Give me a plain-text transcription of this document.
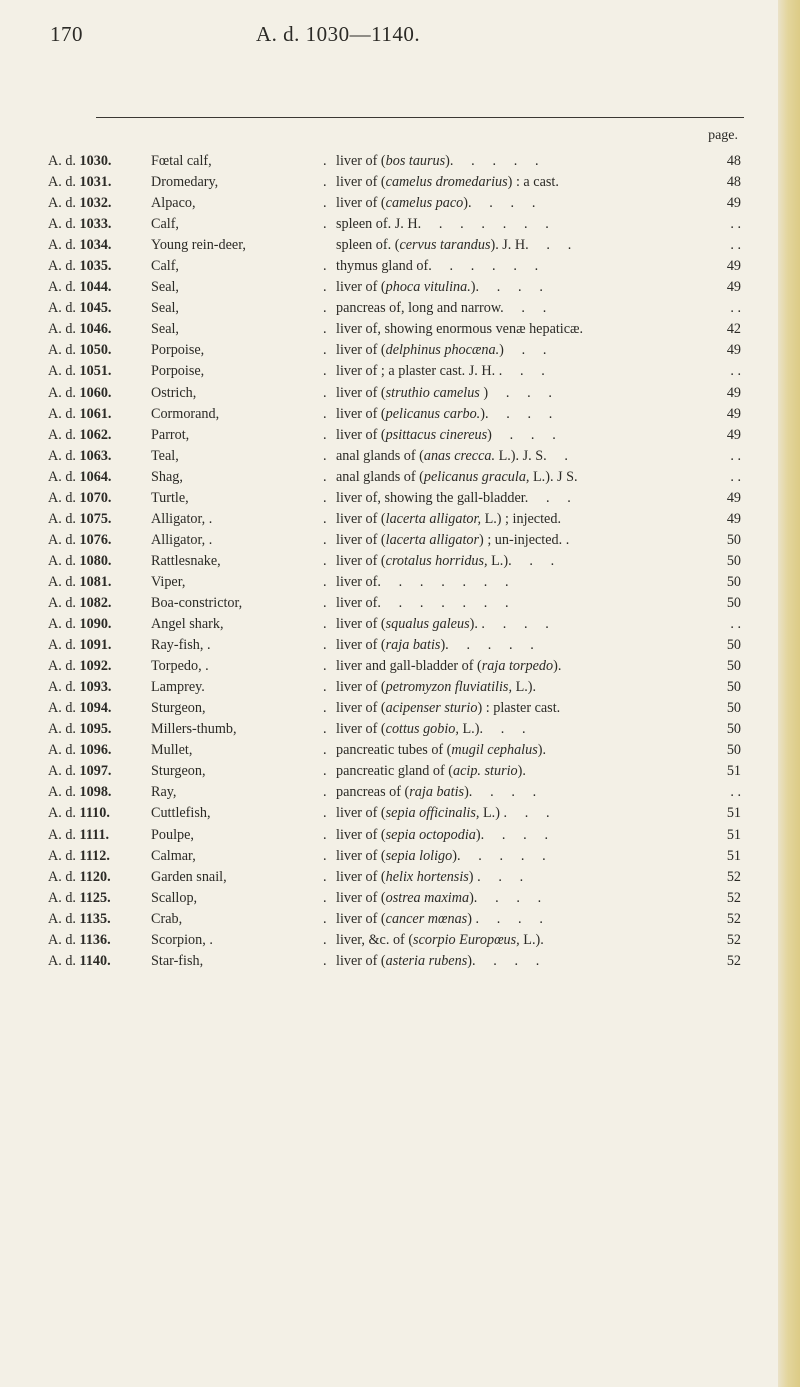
170	A. d. 1030—1140.
page.
A. d. 1030.	Fœtal calf,	. liver of (bos taurus).     .     .     .     .	48
A. d. 1031.	Dromedary,	. liver of (camelus dromedarius) : a cast.	48
A. d. 1032.	Alpaco,	. liver of (camelus paco).     .     .     .	49
A. d. 1033.	Calf,	. spleen of. J. H.     .     .     .     .     .     .	. .
A. d. 1034.	Young rein-deer,	spleen of. (cervus tarandus). J. H.     .     .	. .
A. d. 1035.	Calf,	. thymus gland of.     .     .     .     .     .	49
A. d. 1044.	Seal,	. liver of (phoca vitulina.).     .     .     .	49
A. d. 1045.	Seal,	. pancreas of, long and narrow.     .     .	. .
A. d. 1046.	Seal,	. liver of, showing enormous venæ hepaticæ.	42
A. d. 1050.	Porpoise,	. liver of (delphinus phocæna.)     .     .	49
A. d. 1051.	Porpoise,	. liver of ; a plaster cast. J. H. .     .     .	. .
A. d. 1060.	Ostrich,	. liver of (struthio camelus )     .     .     .	49
A. d. 1061.	Cormorand,	. liver of (pelicanus carbo.).     .     .     .	49
A. d. 1062.	Parrot,	. liver of (psittacus cinereus)     .     .     .	49
A. d. 1063.	Teal,	. anal glands of (anas crecca. L.). J. S.     .	. .
A. d. 1064.	Shag,	. anal glands of (pelicanus gracula, L.). J S.	. .
A. d. 1070.	Turtle,	. liver of, showing the gall-bladder.     .     .	49
A. d. 1075.	Alligator, .	. liver of (lacerta alligator, L.) ; injected.	49
A. d. 1076.	Alligator, .	. liver of (lacerta alligator) ; un-injected. .	50
A. d. 1080.	Rattlesnake,	. liver of (crotalus horridus, L.).     .     .	50
A. d. 1081.	Viper,	. liver of.     .     .     .     .     .     .	50
A. d. 1082.	Boa-constrictor,	. liver of.     .     .     .     .     .     .	50
A. d. 1090.	Angel shark,	. liver of (squalus galeus). .     .     .     .	. .
A. d. 1091.	Ray-fish, .	. liver of (raja batis).     .     .     .     .	50
A. d. 1092.	Torpedo, .	. liver and gall-bladder of (raja torpedo).	50
A. d. 1093.	Lamprey.	. liver of (petromyzon fluviatilis, L.).	50
A. d. 1094.	Sturgeon,	. liver of (acipenser sturio) : plaster cast.	50
A. d. 1095.	Millers-thumb,	. liver of (cottus gobio, L.).     .     .	50
A. d. 1096.	Mullet,	. pancreatic tubes of (mugil cephalus).	50
A. d. 1097.	Sturgeon,	. pancreatic gland of (acip. sturio).	51
A. d. 1098.	Ray,	. pancreas of (raja batis).     .     .     .	. .
A. d. 1110.	Cuttlefish,	. liver of (sepia officinalis, L.) .     .     .	51
A. d. 1111.	Poulpe,	. liver of (sepia octopodia).     .     .     .	51
A. d. 1112.	Calmar,	. liver of (sepia loligo).     .     .     .     .	51
A. d. 1120.	Garden snail,	. liver of (helix hortensis) .     .     .	52
A. d. 1125.	Scallop,	. liver of (ostrea maxima).     .     .     .	52
A. d. 1135.	Crab,	. liver of (cancer mœnas) .     .     .     .	52
A. d. 1136.	Scorpion, .	. liver, &c. of (scorpio Europœus, L.).	52
A. d. 1140.	Star-fish,	. liver of (asteria rubens).     .     .     .	52
